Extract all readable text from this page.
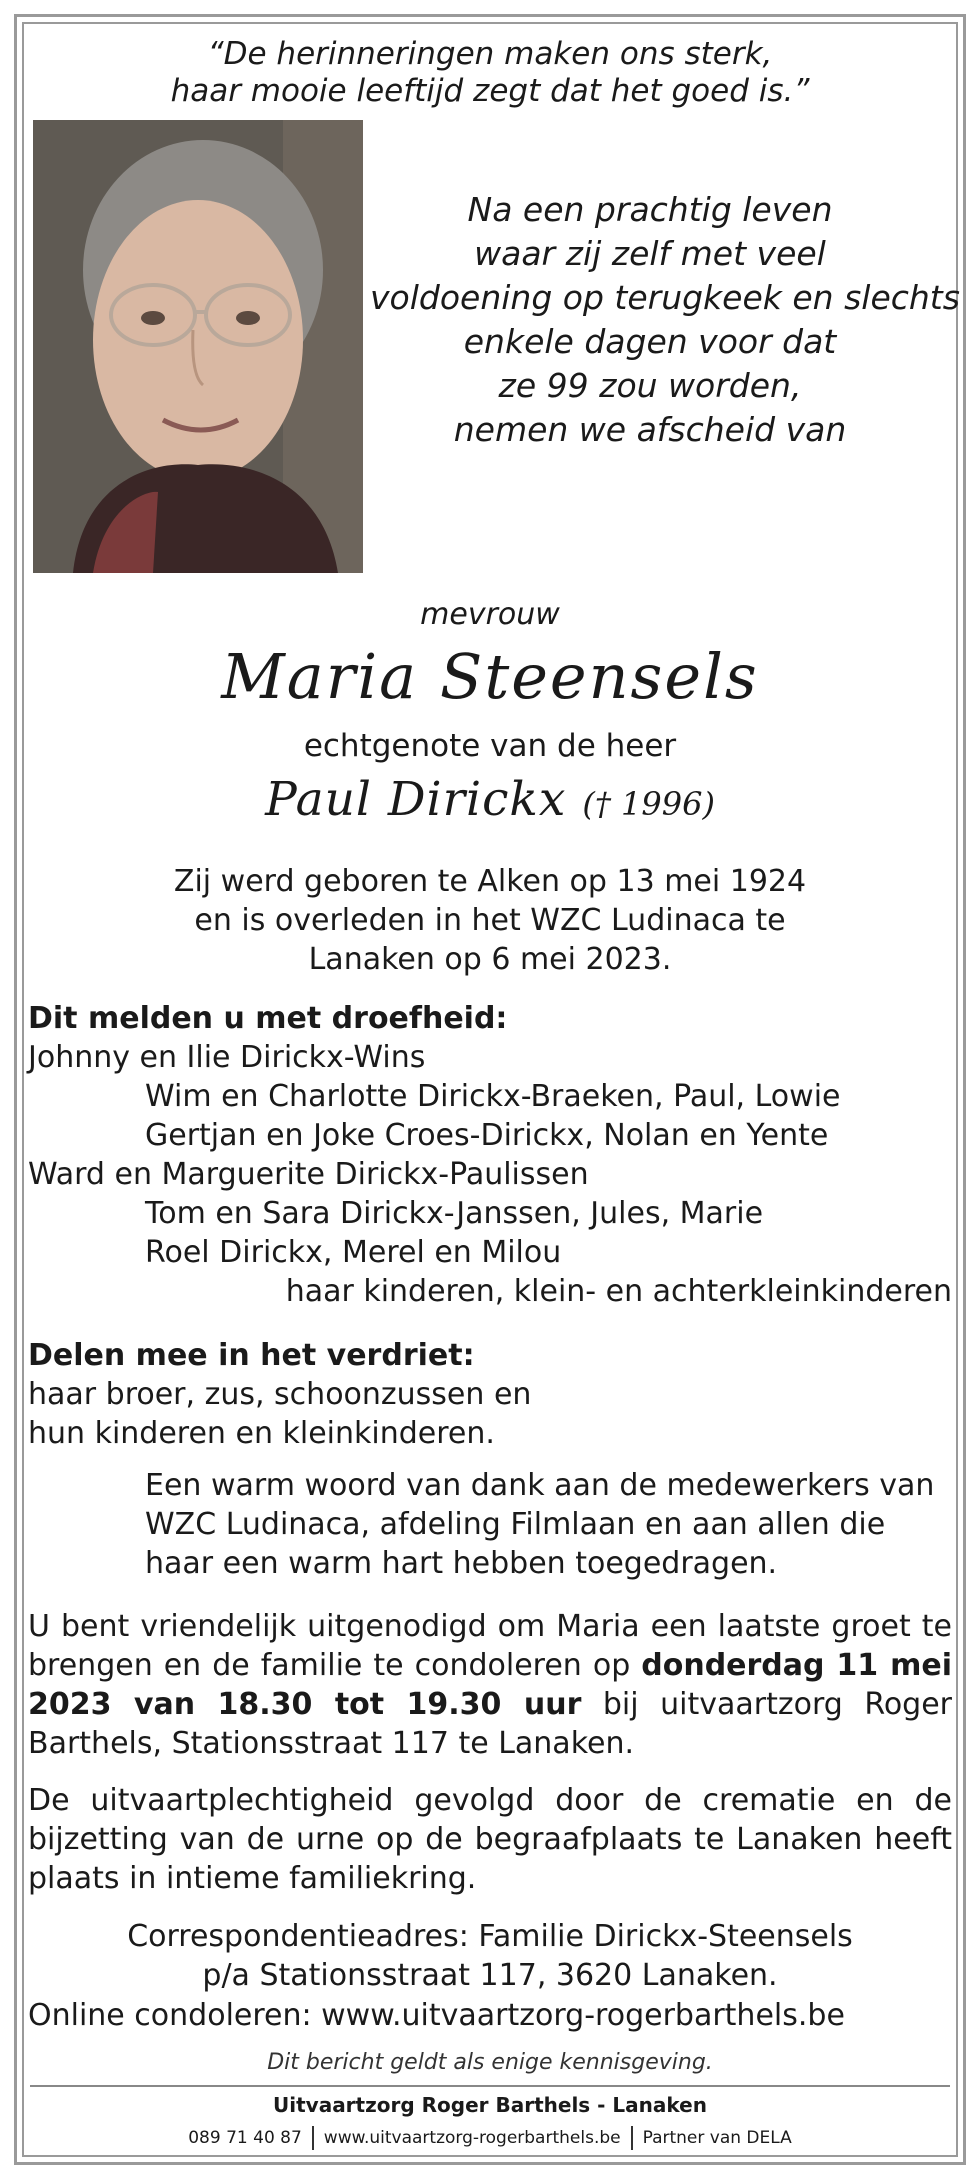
“De herinneringen maken ons sterk,
haar mooie leeftijd zegt dat het goed is.”
Na een prachtig leven
waar zij zelf met veel
voldoening op terugkeek en slechts
enkele dagen voor dat
ze 99 zou worden,
nemen we afscheid van
mevrouw
Maria Steensels
echtgenote van de heer
Paul Dirickx († 1996)
Zij werd geboren te Alken op 13 mei 1924
en is overleden in het WZC Ludinaca te
Lanaken op 6 mei 2023.
Dit melden u met droefheid:
Johnny en Ilie Dirickx-Wins
Wim en Charlotte Dirickx-Braeken, Paul, Lowie
Gertjan en Joke Croes-Dirickx, Nolan en Yente
Ward en Marguerite Dirickx-Paulissen
Tom en Sara Dirickx-Janssen, Jules, Marie
Roel Dirickx, Merel en Milou
haar kinderen, klein- en achterkleinkinderen
Delen mee in het verdriet:
haar broer, zus, schoonzussen en
hun kinderen en kleinkinderen.
Een warm woord van dank aan de medewerkers van
WZC Ludinaca, afdeling Filmlaan en aan allen die
haar een warm hart hebben toegedragen.
U bent vriendelijk uitgenodigd om Maria een laatste groet te brengen en de familie te condoleren op donderdag 11 mei 2023 van 18.30 tot 19.30 uur bij uitvaartzorg Roger Barthels, Stationsstraat 117 te Lanaken.
De uitvaartplechtigheid gevolgd door de crematie en de bijzetting van de urne op de begraafplaats te Lanaken heeft plaats in intieme familiekring.
Correspondentieadres: Familie Dirickx-Steensels
p/a Stationsstraat 117, 3620 Lanaken.
Online condoleren: www.uitvaartzorg-rogerbarthels.be
Dit bericht geldt als enige kennisgeving.
Uitvaartzorg Roger Barthels - Lanaken
089 71 40 87 www.uitvaartzorg-rogerbarthels.be Partner van DELA
